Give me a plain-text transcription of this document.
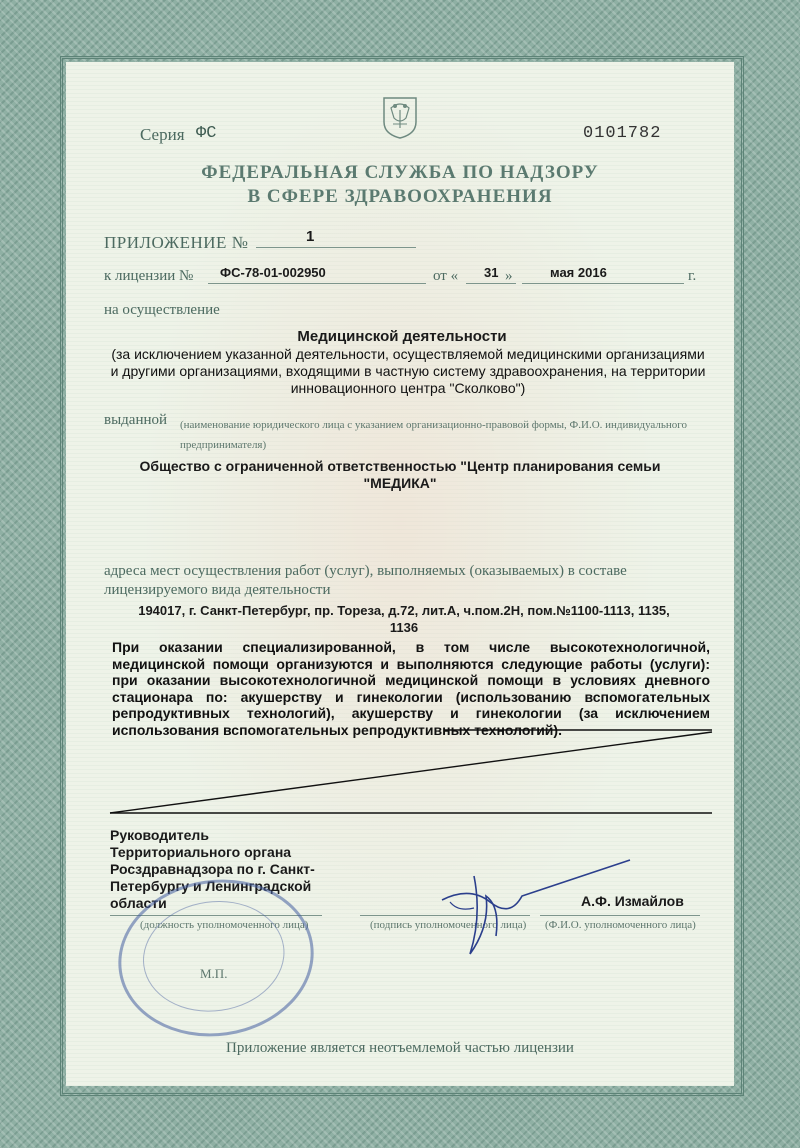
Серия ФС	0101782
ФЕДЕРАЛЬНАЯ СЛУЖБА ПО НАДЗОРУ
В СФЕРЕ ЗДРАВООХРАНЕНИЯ
ПРИЛОЖЕНИЕ №	1
к лицензии № ФС-78-01-002950	от « 31 »	мая 2016	г.
на осуществление
Медицинской деятельности
(за исключением указанной деятельности, осуществляемой медицинскими организациями и другими организациями, входящими в частную систему здравоохранения, на территории инновационного центра "Сколково")
выданной (наименование юридического лица с указанием организационно-правовой формы, Ф.И.О. индивидуального предпринимателя)
Общество с ограниченной ответственностью "Центр планирования семьи
"МЕДИКА"
адреса мест осуществления работ (услуг), выполняемых (оказываемых) в составе
лицензируемого вида деятельности
194017, г. Санкт-Петербург, пр. Тореза, д.72, лит.А, ч.пом.2Н, пом.№1100-1113, 1135,
1136
При оказании специализированной, в том числе высокотехнологичной, медицинской помощи организуются и выполняются следующие работы (услуги): при оказании высокотехнологичной медицинской помощи в условиях дневного стационара по: акушерству и гинекологии (использованию вспомогательных репродуктивных технологий), акушерству и гинекологии (за исключением использования вспомогательных репродуктивных технологий).
Руководитель
Территориального органа
Росздравнадзора по г. Санкт-
Петербургу и Ленинградской
области	А.Ф. Измайлов
(должность уполномоченного лица)	(подпись уполномоченного лица) (Ф.И.О. уполномоченного лица)
М.П.
Приложение является неотъемлемой частью лицензии
